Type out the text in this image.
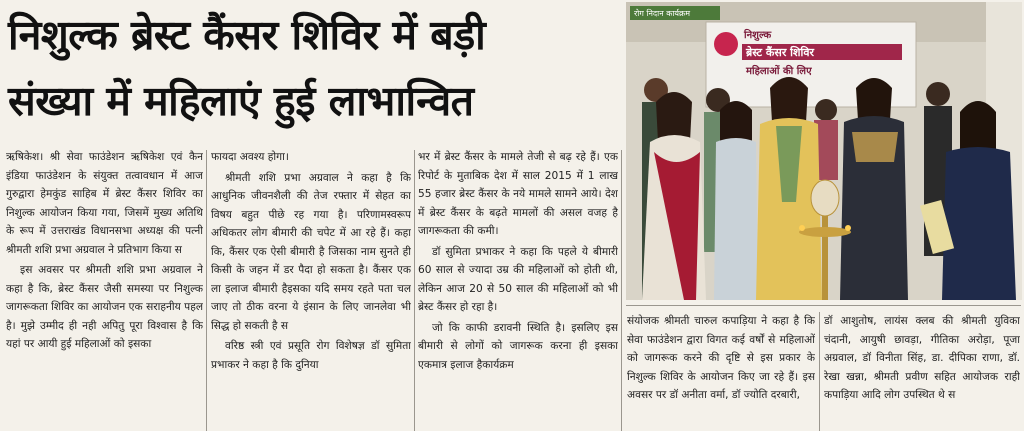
निशुल्क ब्रेस्ट कैंसर शिविर में बड़ी
संख्या में महिलाएं हुई लाभान्वित

ऋषिकेश। श्री सेवा फाउंडेशन ऋषिकेश एवं कैन इंडिया फाउंडेशन के संयुक्त तत्वावधान में आज गुरुद्वारा हेमकुंड साहिब में ब्रेस्ट कैंसर शिविर का निशुल्क आयोजन किया गया, जिसमें मुख्य अतिथि के रूप में उत्तराखंड विधानसभा अध्यक्ष की पत्नी श्रीमती शशि प्रभा अग्रवाल ने प्रतिभाग किया स

इस अवसर पर श्रीमती शशि प्रभा अग्रवाल ने कहा है कि, ब्रेस्ट कैंसर जैसी समस्या पर निशुल्क जागरूकता शिविर का आयोजन एक सराहनीय पहल है। मुझे उम्मीद ही नही अपितु पूरा विश्वास है कि यहां पर आयी हुई महिलाओं को इसका

फायदा अवश्य होगा।

श्रीमती शशि प्रभा अग्रवाल ने कहा है कि आधुनिक जीवनशैली की तेज रफ्तार में सेहत का विषय बहुत पीछे रह गया है। परिणामस्वरूप अधिकतर लोग बीमारी की चपेट में आ रहे हैं। कहा कि, कैंसर एक ऐसी बीमारी है जिसका नाम सुनते ही किसी के जहन में डर पैदा हो सकता है। कैंसर एक ला इलाज बीमारी हैइसका यदि समय रहते पता चल जाए तो ठीक वरना ये इंसान के लिए जानलेवा भी सिद्ध हो सकती है स

वरिष्ठ स्त्री एवं प्रसूति रोग विशेषज्ञ डॉ सुमिता प्रभाकर ने कहा है कि दुनिया

भर में ब्रेस्ट कैंसर के मामले तेजी से बढ़ रहे हैं। एक रिपोर्ट के मुताबिक देश में साल 2015 में 1 लाख 55 हजार ब्रेस्ट कैंसर के नये मामले सामने आये। देश में ब्रेस्ट कैंसर के बढ़ते मामलों की असल वजह है जागरूकता की कमी।

डॉ सुमिता प्रभाकर ने कहा कि पहले ये बीमारी 60 साल से ज्यादा उम्र की महिलाओं को होती थी, लेकिन आज 20 से 50 साल की महिलाओं को भी ब्रेस्ट कैंसर हो रहा है।

जो कि काफी डरावनी स्थिति है। इसलिए इस बीमारी से लोगों को जागरूक करना ही इसका एकमात्र इलाज हैकार्यक्रम

रोग निदान कार्यक्रम
निशुल्क
ब्रेस्ट कैंसर शिविर
महिलाओं की लिए

संयोजक श्रीमती चारुल कपाड़िया ने कहा है कि सेवा फाउंडेशन द्वारा विगत कई वर्षों से महिलाओं को जागरूक करने की दृष्टि से इस प्रकार के निशुल्क शिविर के आयोजन किए जा रहे हैं। इस अवसर पर डॉ अनीता वर्मा, डॉ ज्योति दरबारी,

डॉ आशुतोष, लायंस क्लब की श्रीमती युविका चंदानी, आयुषी छावड़ा, गीतिका अरोड़ा, पूजा अग्रवाल, डॉ विनीता सिंह, डा. दीपिका राणा, डॉ. रेखा खन्ना, श्रीमती प्रवीण सहित आयोजक राही कपाड़िया आदि लोग उपस्थित थे स
